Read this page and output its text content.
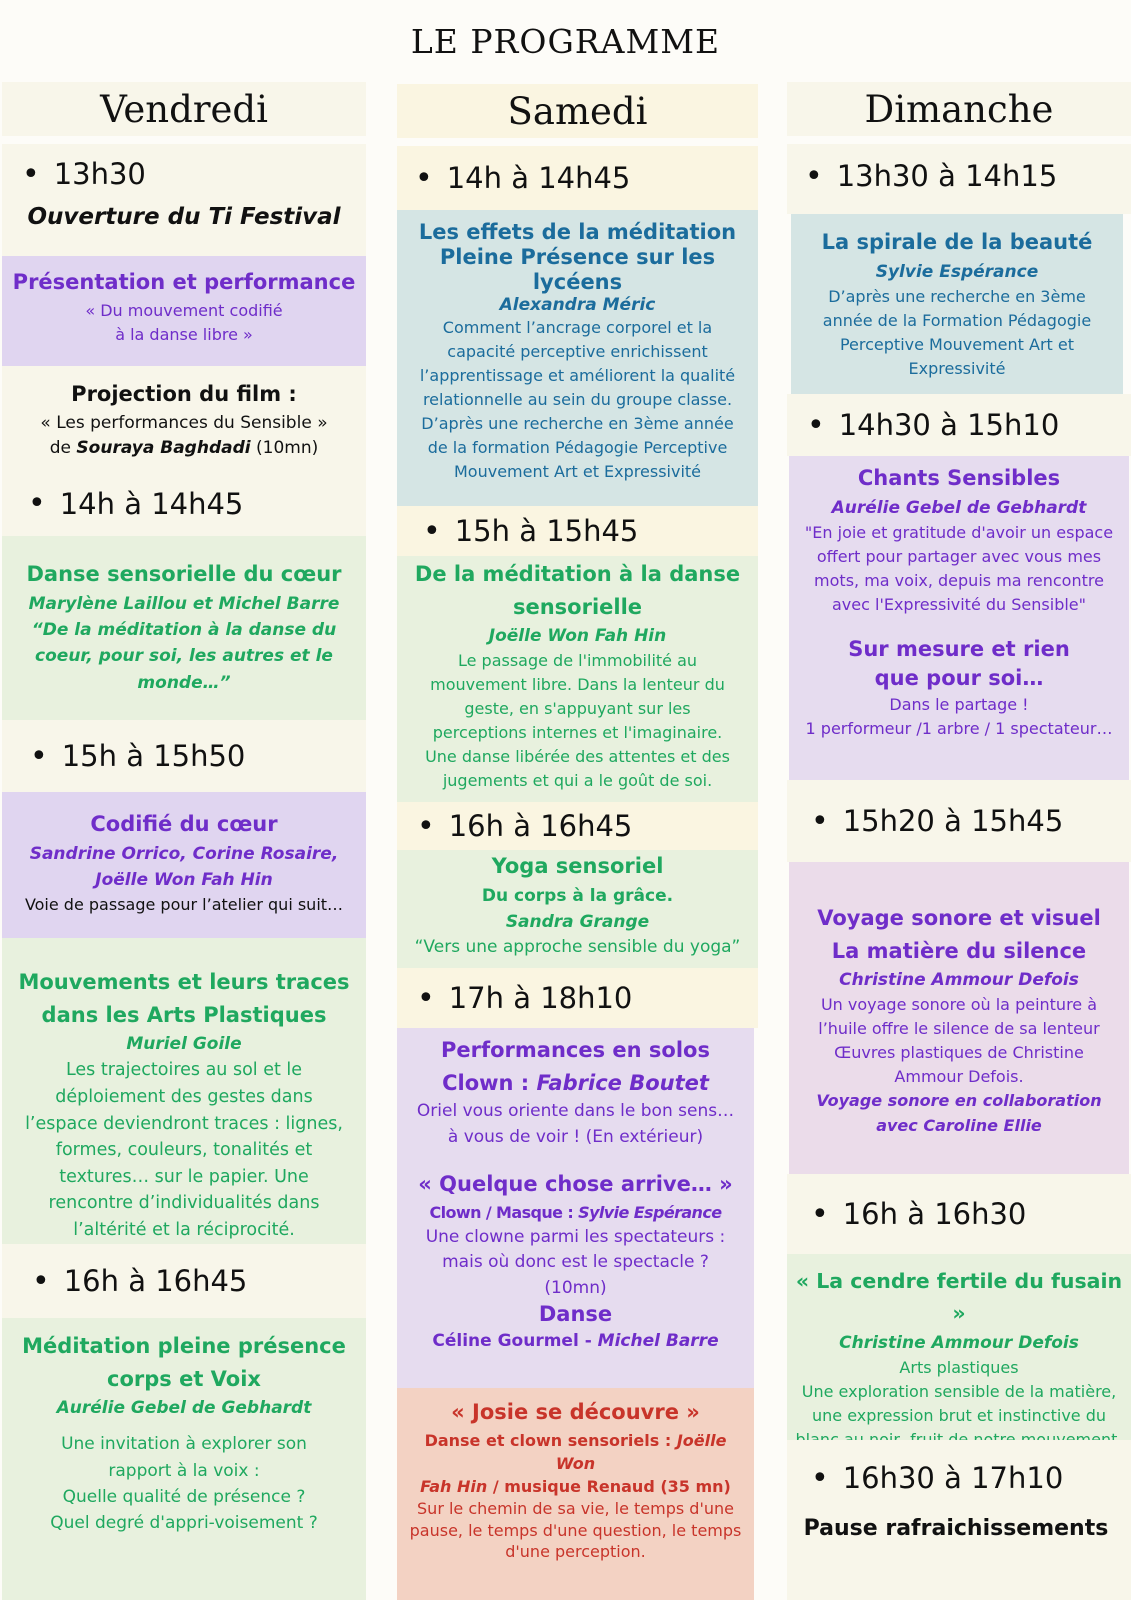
LE PROGRAMME
Vendredi
• 13h30
Ouverture du Ti Festival
Présentation et performance
« Du mouvement codifié
à la danse libre »
Projection du film :
« Les performances du Sensible »
de Souraya Baghdadi (10mn)
• 14h à 14h45
Danse sensorielle du cœur
Marylène Laillou et Michel Barre
“De la méditation à la danse du
coeur, pour soi, les autres et le
monde…”
• 15h à 15h50
Codifié du cœur
Sandrine Orrico, Corine Rosaire,
Joëlle Won Fah Hin
Voie de passage pour l’atelier qui suit…
Mouvements et leurs traces
dans les Arts Plastiques
Muriel Goile
Les trajectoires au sol et le
déploiement des gestes dans
l’espace deviendront traces : lignes,
formes, couleurs, tonalités et
textures… sur le papier. Une
rencontre d’individualités dans
l’altérité et la réciprocité.
• 16h à 16h45
Méditation pleine présence
corps et Voix
Aurélie Gebel de Gebhardt
Une invitation à explorer son
rapport à la voix :
Quelle qualité de présence ?
Quel degré d'appri-voisement ?
Samedi
• 14h à 14h45
Les effets de la méditation
Pleine Présence sur les
lycéens
Alexandra Méric
Comment l’ancrage corporel et la
capacité perceptive enrichissent
l’apprentissage et améliorent la qualité
relationnelle au sein du groupe classe.
D’après une recherche en 3ème année
de la formation Pédagogie Perceptive
Mouvement Art et Expressivité
• 15h à 15h45
De la méditation à la danse
sensorielle
Joëlle Won Fah Hin
Le passage de l'immobilité au
mouvement libre. Dans la lenteur du
geste, en s'appuyant sur les
perceptions internes et l'imaginaire.
Une danse libérée des attentes et des
jugements et qui a le goût de soi.
• 16h à 16h45
Yoga sensoriel
Du corps à la grâce.
Sandra Grange
“Vers une approche sensible du yoga”
• 17h à 18h10
Performances en solos
Clown : Fabrice Boutet
Oriel vous oriente dans le bon sens…
à vous de voir ! (En extérieur)
« Quelque chose arrive… »
Clown / Masque : Sylvie Espérance
Une clowne parmi les spectateurs :
mais où donc est le spectacle ?
(10mn)
Danse
Céline Gourmel - Michel Barre
« Josie se découvre »
Danse et clown sensoriels : Joëlle Won
Fah Hin / musique Renaud (35 mn)
Sur le chemin de sa vie, le temps d'une
pause, le temps d'une question, le temps
d'une perception.
Dimanche
• 13h30 à 14h15
La spirale de la beauté
Sylvie Espérance
D’après une recherche en 3ème
année de la Formation Pédagogie
Perceptive Mouvement Art et
Expressivité
• 14h30 à 15h10
Chants Sensibles
Aurélie Gebel de Gebhardt
"En joie et gratitude d'avoir un espace
offert pour partager avec vous mes
mots, ma voix, depuis ma rencontre
avec l'Expressivité du Sensible"
Sur mesure et rien
que pour soi…
Dans le partage !
1 performeur /1 arbre / 1 spectateur…
• 15h20 à 15h45
Voyage sonore et visuel
La matière du silence
Christine Ammour Defois
Un voyage sonore où la peinture à
l’huile offre le silence de sa lenteur
Œuvres plastiques de Christine
Ammour Defois.
Voyage sonore en collaboration
avec Caroline Ellie
• 16h à 16h30
« La cendre fertile du fusain »
Christine Ammour Defois
Arts plastiques
Une exploration sensible de la matière,
une expression brut et instinctive du
• 16h30 à 17h10
Pause rafraichissements
